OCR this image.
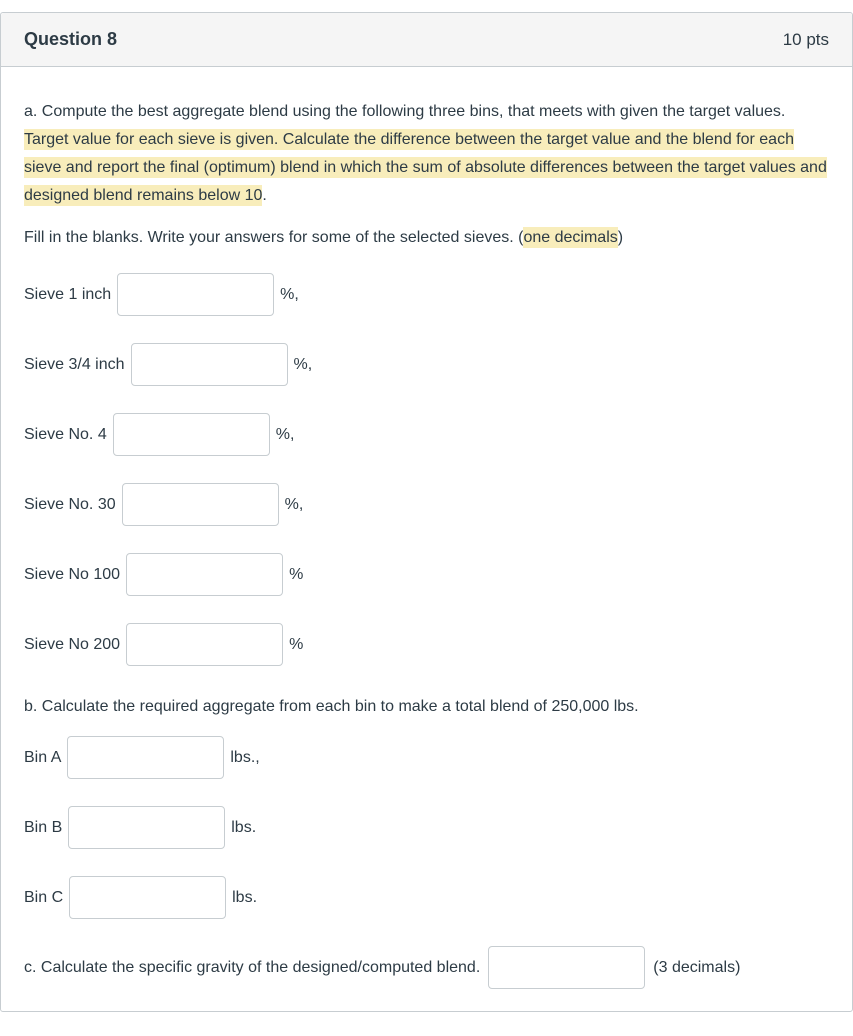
Question 8	10 pts

a. Compute the best aggregate blend using the following three bins, that meets with given the target values. Target value for each sieve is given. Calculate the difference between the target value and the blend for each sieve and report the final (optimum) blend in which the sum of absolute differences between the target values and designed blend remains below 10.

Fill in the blanks. Write your answers for some of the selected sieves. (one decimals)

Sieve 1 inch	%,
Sieve 3/4 inch	%,
Sieve No. 4	%,
Sieve No. 30	%,
Sieve No 100	%
Sieve No 200	%

b. Calculate the required aggregate from each bin to make a total blend of 250,000 lbs.

Bin A	lbs.,
Bin B	lbs.
Bin C	lbs.
c. Calculate the specific gravity of the designed/computed blend.	(3 decimals)
